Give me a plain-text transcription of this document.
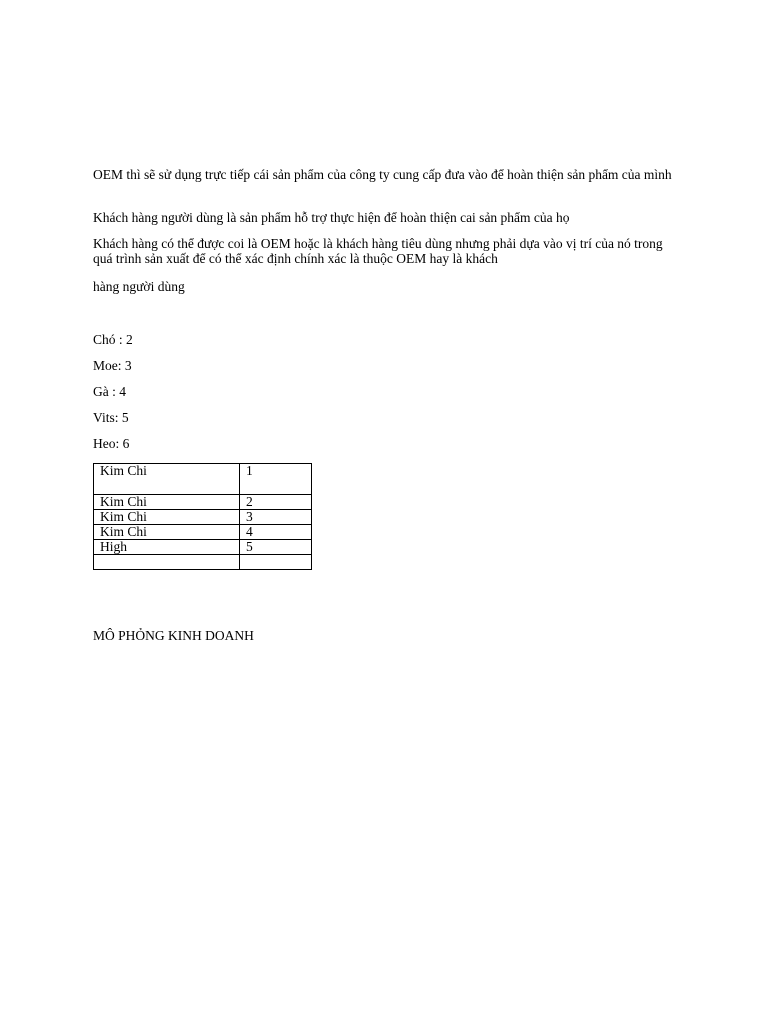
OEM thì sẽ sử dụng trực tiếp cái sản phẩm của công ty cung cấp đưa vào để hoàn thiện sản phẩm của mình

Khách hàng người dùng là sản phẩm hỗ trợ thực hiện để hoàn thiện cai sản phẩm của họ

Khách hàng có thể được coi là OEM hoặc là khách hàng tiêu dùng nhưng phải dựa vào vị trí của nó trong quá trình sản xuất để có thể xác định chính xác là thuộc OEM hay là khách

hàng người dùng

Chó : 2
Moe: 3
Gà : 4
Vits: 5
Heo: 6
Kim Chi	1
Kim Chi	2
Kim Chi	3
Kim Chi	4
High	5

MÔ PHỎNG KINH DOANH
